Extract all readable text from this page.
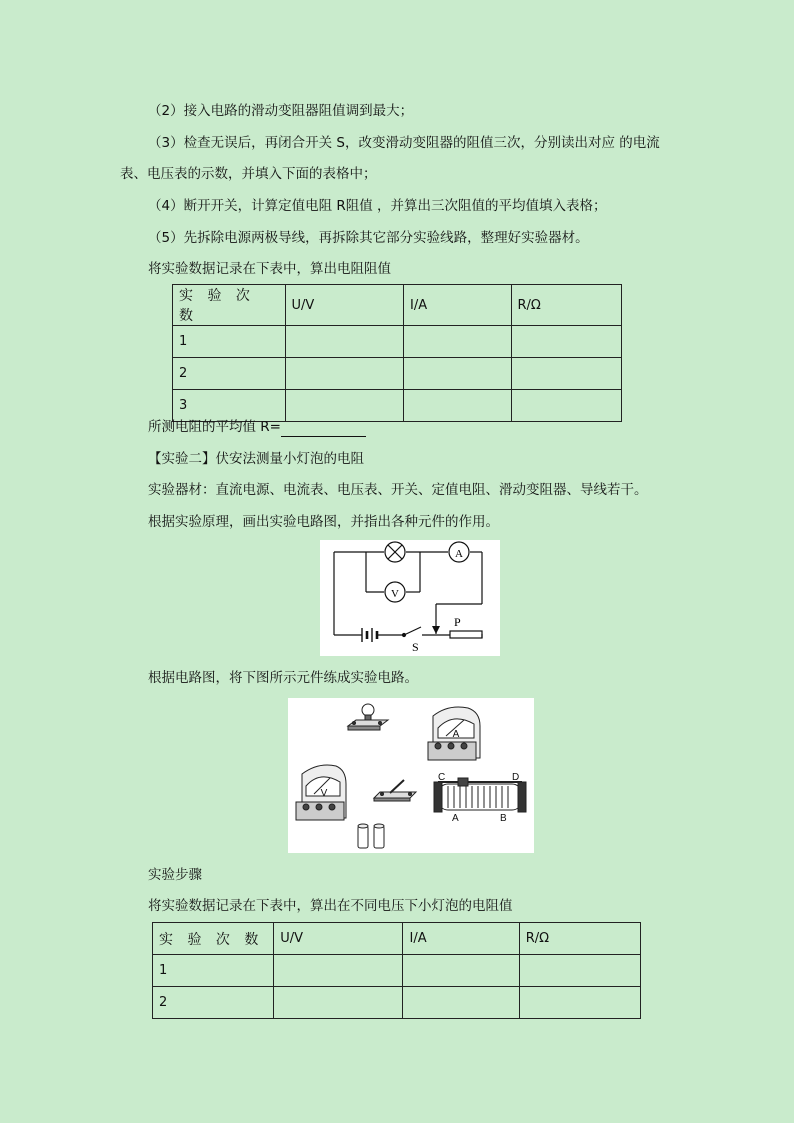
（2）接入电路的滑动变阻器阻值调到最大；
（3）检查无误后，再闭合开关 S，改变滑动变阻器的阻值三次，分别读出对应 的电流
表、电压表的示数，并填入下面的表格中；
（4）断开开关，计算定值电阻 R阻值 ，并算出三次阻值的平均值填入表格；
（5）先拆除电源两极导线，再拆除其它部分实验线路，整理好实验器材。
将实验数据记录在下表中，算出电阻阻值
实 验 次 数	U/V	I/A	R/Ω
1			
2			
3			
所测电阻的平均值 R=
【实验二】伏安法测量小灯泡的电阻
实验器材：直流电源、电流表、电压表、开关、定值电阻、滑动变阻器、导线若干。
根据实验原理，画出实验电路图，并指出各种元件的作用。
A
V
P
S
根据电路图，将下图所示元件练成实验电路。
A
V
C	D
A	B
实验步骤
将实验数据记录在下表中，算出在不同电压下小灯泡的电阻值
实 验 次 数	U/V	I/A	R/Ω
1			
2			
